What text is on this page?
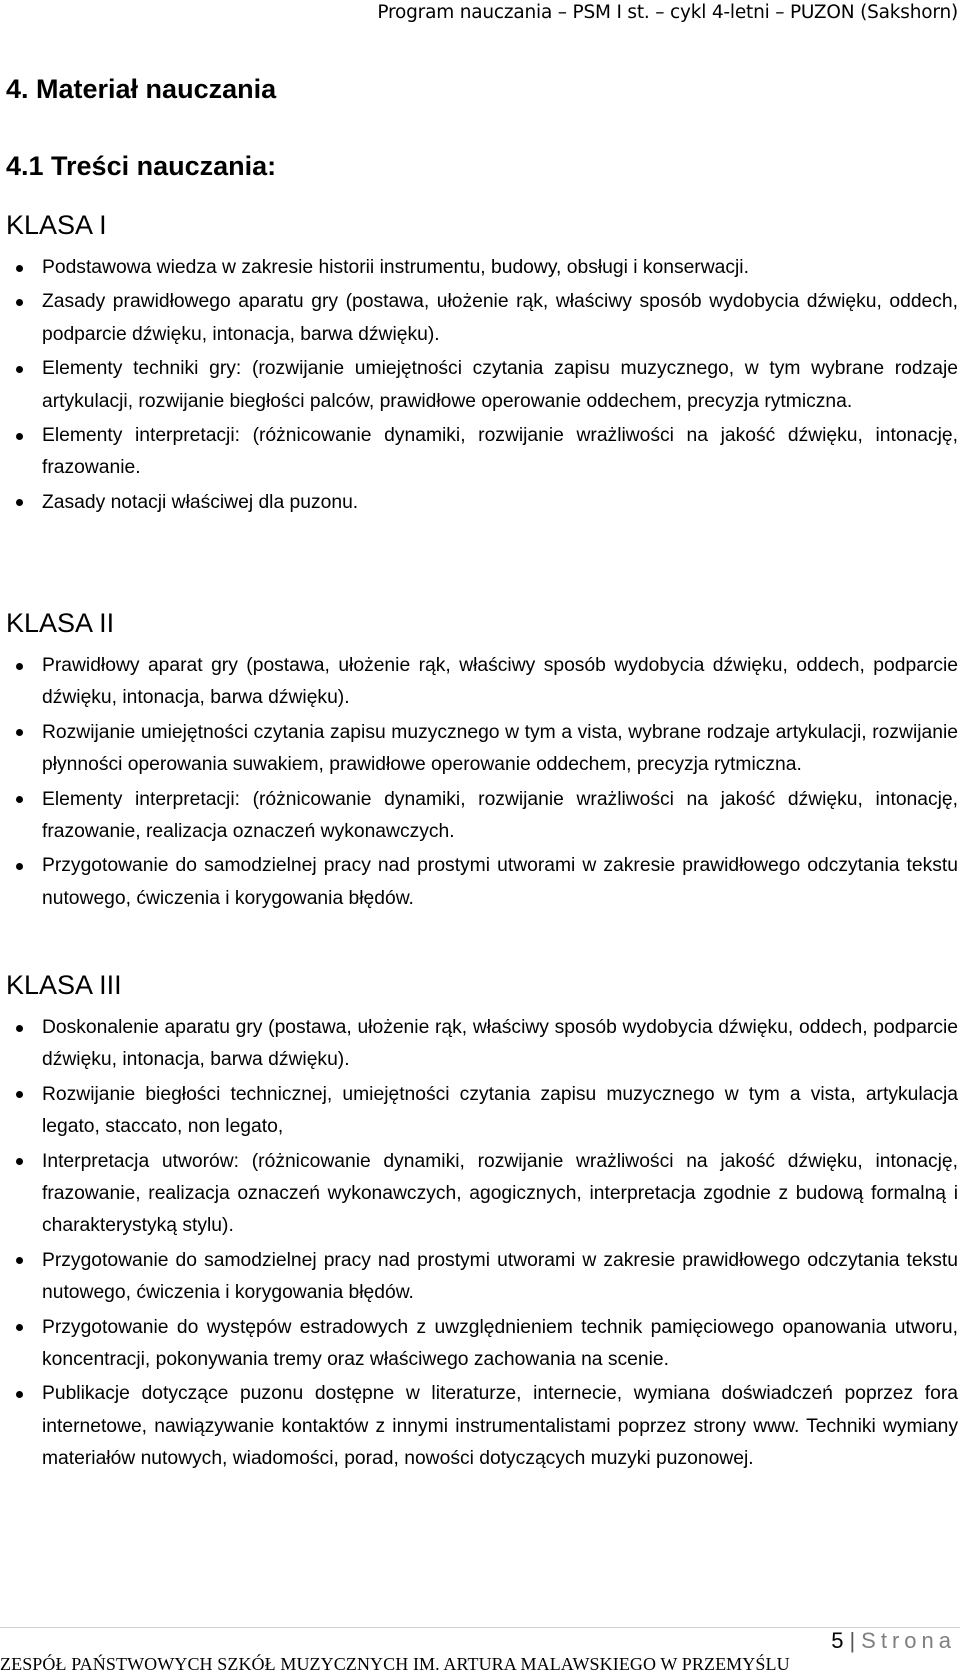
Program nauczania – PSM I st. – cykl 4-letni – PUZON (Sakshorn)
4. Materiał nauczania
4.1 Treści nauczania:
KLASA I
Podstawowa wiedza w zakresie historii instrumentu, budowy, obsługi i konserwacji.
Zasady prawidłowego aparatu gry (postawa, ułożenie rąk, właściwy sposób wydobycia dźwięku, oddech, podparcie dźwięku, intonacja, barwa dźwięku).
Elementy techniki gry: (rozwijanie umiejętności czytania zapisu muzycznego, w tym wybrane rodzaje artykulacji, rozwijanie biegłości palców, prawidłowe operowanie oddechem, precyzja rytmiczna.
Elementy interpretacji: (różnicowanie dynamiki, rozwijanie wrażliwości na jakość dźwięku, intonację, frazowanie.
Zasady notacji właściwej dla puzonu.
KLASA II
Prawidłowy aparat gry (postawa, ułożenie rąk, właściwy sposób wydobycia dźwięku, oddech, podparcie dźwięku, intonacja, barwa dźwięku).
Rozwijanie umiejętności czytania zapisu muzycznego w tym a vista, wybrane rodzaje artykulacji, rozwijanie płynności operowania suwakiem, prawidłowe operowanie oddechem, precyzja rytmiczna.
Elementy interpretacji: (różnicowanie dynamiki, rozwijanie wrażliwości na jakość dźwięku, intonację, frazowanie, realizacja oznaczeń wykonawczych.
Przygotowanie do samodzielnej pracy nad prostymi utworami w zakresie prawidłowego odczytania tekstu nutowego, ćwiczenia i korygowania błędów.
KLASA III
Doskonalenie aparatu gry (postawa, ułożenie rąk, właściwy sposób wydobycia dźwięku, oddech, podparcie dźwięku, intonacja, barwa dźwięku).
Rozwijanie biegłości technicznej, umiejętności czytania zapisu muzycznego w tym a vista, artykulacja legato, staccato, non legato,
Interpretacja utworów: (różnicowanie dynamiki, rozwijanie wrażliwości na jakość dźwięku, intonację, frazowanie, realizacja oznaczeń wykonawczych, agogicznych, interpretacja zgodnie z budową formalną i charakterystyką stylu).
Przygotowanie do samodzielnej pracy nad prostymi utworami w zakresie prawidłowego odczytania tekstu nutowego, ćwiczenia i korygowania błędów.
Przygotowanie do występów estradowych z uwzględnieniem technik pamięciowego opanowania utworu, koncentracji, pokonywania tremy oraz właściwego zachowania na scenie.
Publikacje dotyczące puzonu dostępne w literaturze, internecie, wymiana doświadczeń poprzez fora internetowe, nawiązywanie kontaktów z innymi instrumentalistami poprzez strony www. Techniki wymiany materiałów nutowych, wiadomości, porad, nowości dotyczących muzyki puzonowej.
5 | Strona
ZESPÓŁ PAŃSTWOWYCH SZKÓŁ MUZYCZNYCH IM. ARTURA MALAWSKIEGO W PRZEMYŚLU
